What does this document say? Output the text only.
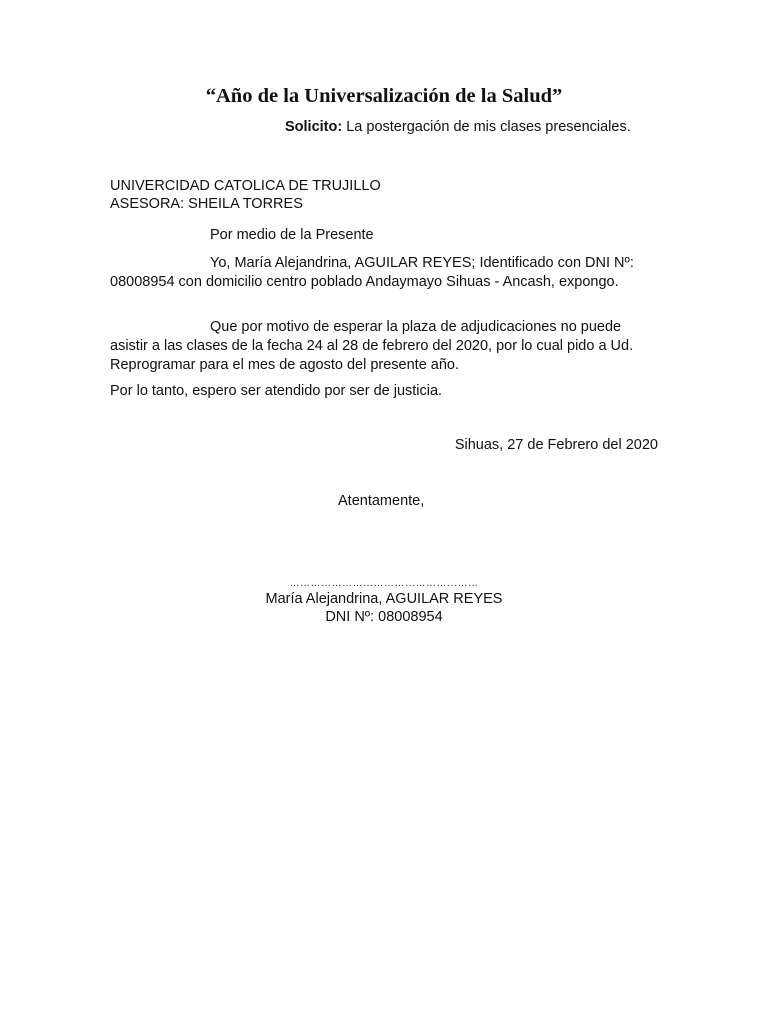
“Año de la Universalización de la Salud”

Solicito: La postergación de mis clases presenciales.

UNIVERCIDAD CATOLICA DE TRUJILLO
ASESORA: SHEILA TORRES

Por medio de la Presente

Yo, María Alejandrina, AGUILAR REYES; Identificado con DNI Nº: 08008954 con domicilio centro poblado Andaymayo Sihuas - Ancash, expongo.

Que por motivo de esperar la plaza de adjudicaciones no puede asistir a las clases de la fecha 24 al 28 de febrero del 2020, por lo cual pido a Ud. Reprogramar para el mes de agosto del presente año.

Por lo tanto, espero ser atendido por ser de justicia.

Sihuas, 27 de Febrero del 2020

Atentamente,

………………………………………………
María Alejandrina, AGUILAR REYES
DNI Nº: 08008954
